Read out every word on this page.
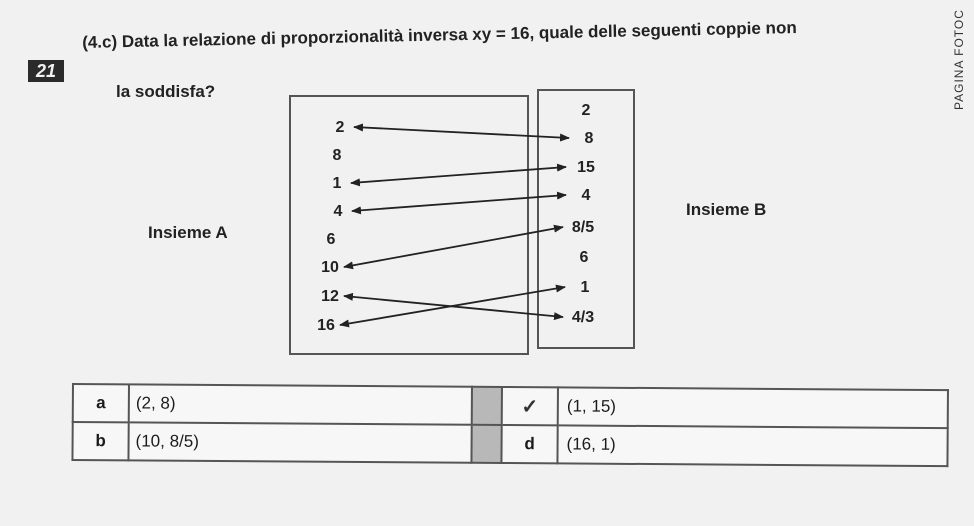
21
(4.c) Data la relazione di proporzionalità inversa xy = 16, quale delle seguenti coppie non
la soddisfa?	PAGINA FOTOC
2
8
1
4
6
10
12
16
2
8
15
4
8/5
6
1
4/3
Insieme A
Insieme B
a	(2, 8)		✓	(1, 15)
b	(10, 8/5)		d	(16, 1)
